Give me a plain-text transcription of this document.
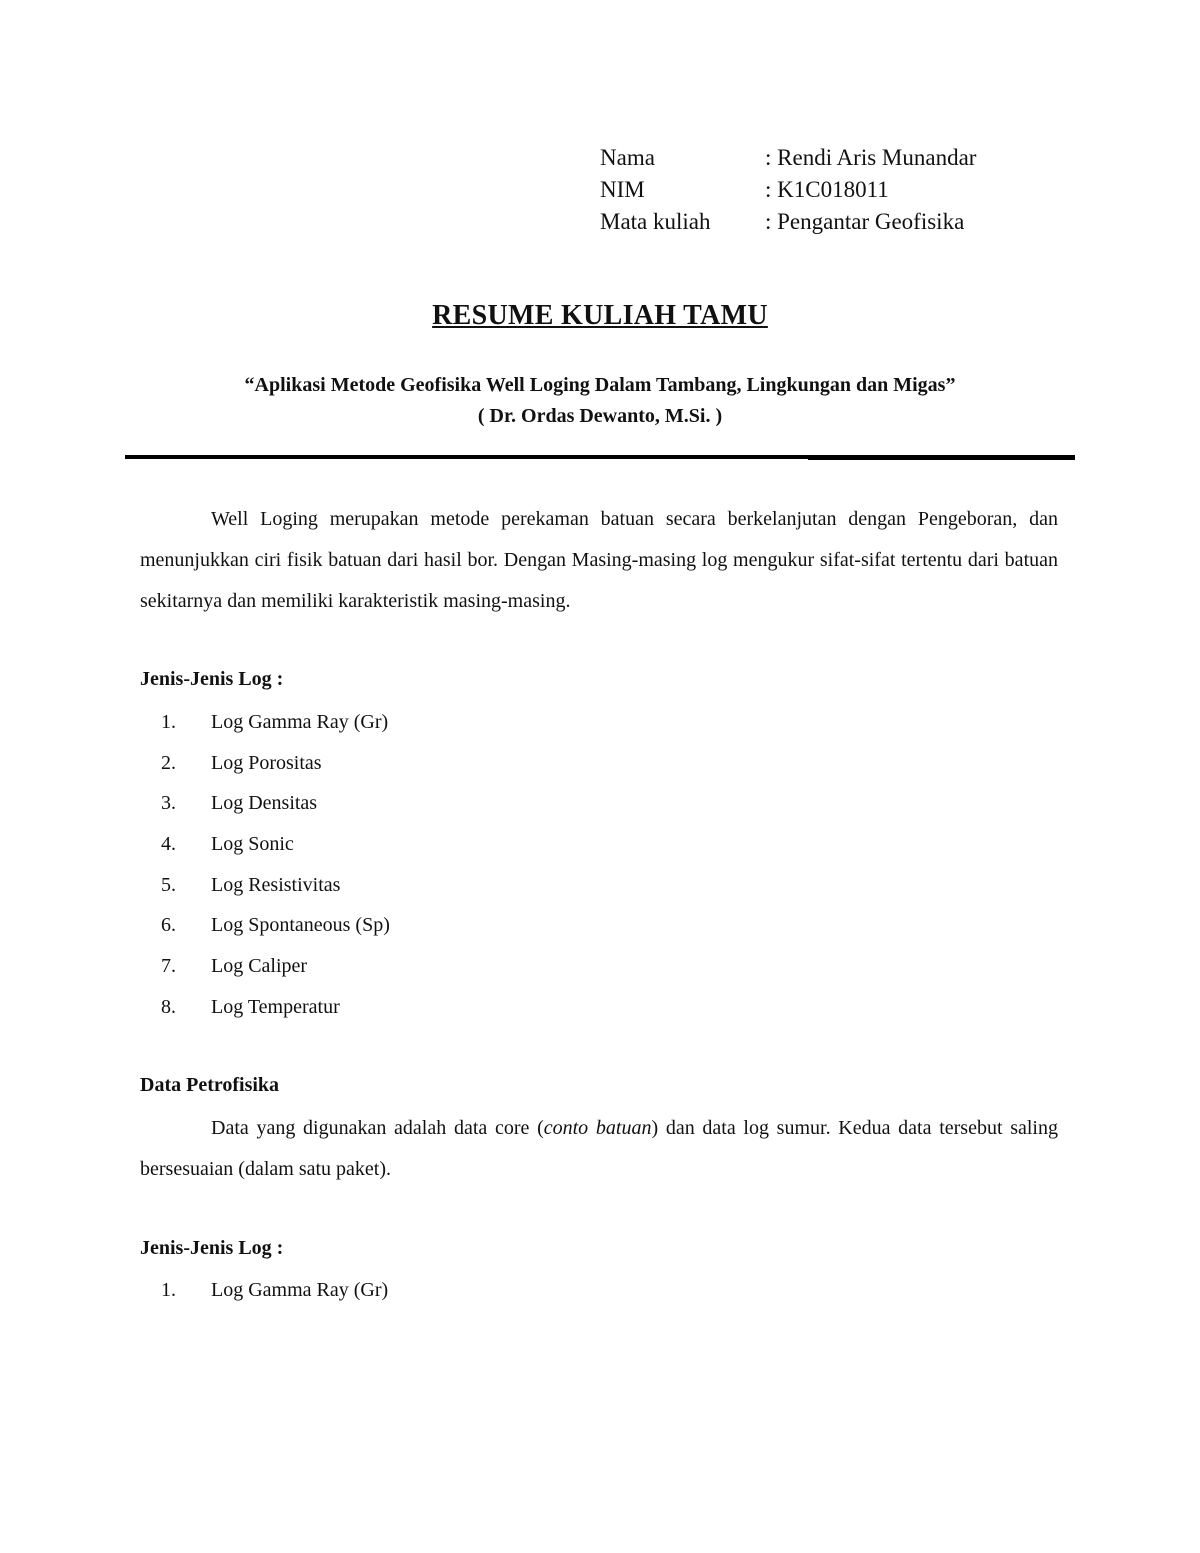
Nama	: Rendi Aris Munandar
NIM	: K1C018011
Mata kuliah	: Pengantar Geofisika
RESUME KULIAH TAMU
“Aplikasi Metode Geofisika Well Loging Dalam Tambang, Lingkungan dan Migas”
( Dr. Ordas Dewanto, M.Si. )
Well Loging merupakan metode perekaman batuan secara berkelanjutan dengan Pengeboran, dan menunjukkan ciri fisik batuan dari hasil bor. Dengan Masing-masing log mengukur sifat-sifat tertentu dari batuan sekitarnya dan memiliki karakteristik masing-masing.
Jenis-Jenis Log :
1.	Log Gamma Ray (Gr)
2.	Log Porositas
3.	Log Densitas
4.	Log Sonic
5.	Log Resistivitas
6.	Log Spontaneous (Sp)
7.	Log Caliper
8.	Log Temperatur
Data Petrofisika
Data yang digunakan adalah data core (conto batuan) dan data log sumur. Kedua data tersebut saling bersesuaian (dalam satu paket).
Jenis-Jenis Log :
1.	Log Gamma Ray (Gr)
